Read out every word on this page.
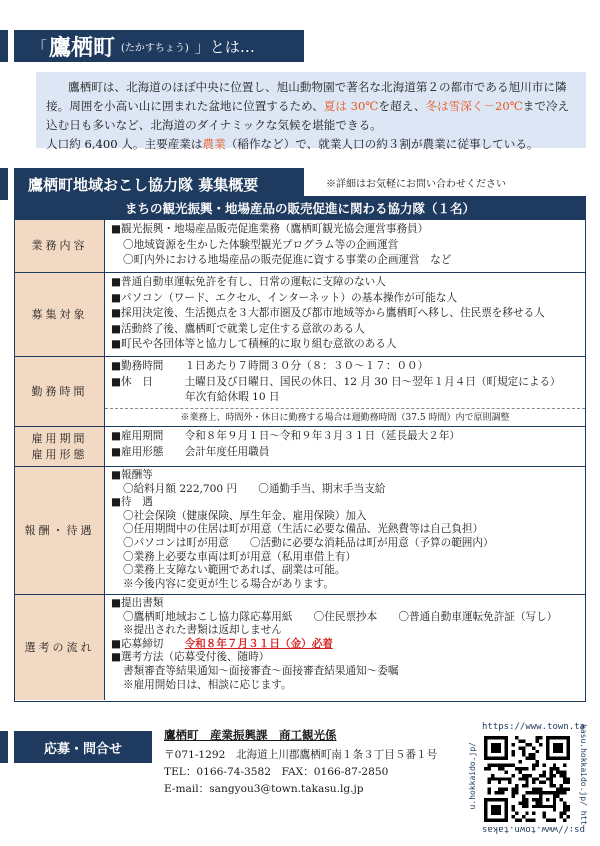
「 鷹栖町 (たかすちょう) 」とは…
鷹栖町は、北海道のほぼ中央に位置し、旭山動物園で著名な北海道第２の都市である旭川市に隣接。周囲を小高い山に囲まれた盆地に位置するため、夏は 30℃を超え、冬は雪深く－20℃まで冷え込む日も多いなど、北海道のダイナミックな気候を堪能できる。
人口約 6,400 人。主要産業は農業（稲作など）で、就業人口の約３割が農業に従事している。
鷹栖町地域おこし協力隊 募集概要	※詳細はお気軽にお問い合わせください
まちの観光振興・地場産品の販売促進に関わる協力隊（１名）
業務内容
■観光振興・地場産品販売促進業務（鷹栖町観光協会運営事務員）
〇地域資源を生かした体験型観光プログラム等の企画運営
〇町内外における地場産品の販売促進に資する事業の企画運営　など
募集対象
■普通自動車運転免許を有し、日常の運転に支障のない人
■パソコン（ワード、エクセル、インターネット）の基本操作が可能な人
■採用決定後、生活拠点を３大都市圏及び都市地域等から鷹栖町へ移し、住民票を移せる人
■活動終了後、鷹栖町で就業し定住する意欲のある人
■町民や各団体等と協力して積極的に取り組む意欲のある人
勤務時間
■勤務時間　　１日あたり７時間３０分（８：３０～１７：００）
■休　日　　　土曜日及び日曜日、国民の休日、12 月 30 日～翌年１月４日（町規定による）
　　　　　　　年次有給休暇 10 日
※業務上、時間外・休日に勤務する場合は週勤務時間（37.5 時間）内で原則調整
雇用期間
雇用形態
■雇用期間　　令和８年９月１日～令和９年３月３１日（延長最大２年）
■雇用形態　　会計年度任用職員
報酬・待遇
■報酬等
〇給料月額 222,700 円　　〇通勤手当、期末手当支給
■待　遇
〇社会保険（健康保険、厚生年金、雇用保険）加入
〇任用期間中の住居は町が用意（生活に必要な備品、光熱費等は自己負担）
〇パソコンは町が用意　　〇活動に必要な消耗品は町が用意（予算の範囲内）
〇業務上必要な車両は町が用意（私用車借上有）
〇業務上支障ない範囲であれば、副業は可能。
※今後内容に変更が生じる場合があります。
選考の流れ
■提出書類
〇鷹栖町地域おこし協力隊応募用紙　　〇住民票抄本　　〇普通自動車運転免許証（写し）
※提出された書類は返却しません
■応募締切　　令和８年７月３１日（金）必着
■選考方法（応募受付後、随時）
書類審査等結果通知～面接審査～面接審査結果通知～委嘱
※雇用開始日は、相談に応じます。
応募・問合せ
鷹栖町　産業振興課　商工観光係
〒071-1292　北海道上川郡鷹栖町南１条３丁目５番１号
TEL：0166-74-3582　FAX：0166-87-2850
E-mail：sangyou3@town.takasu.lg.jp
https://www.town.ta
kasu.hokkaido.jp/ htt
u.hokkaido.jp/
ps://www.town.takas
